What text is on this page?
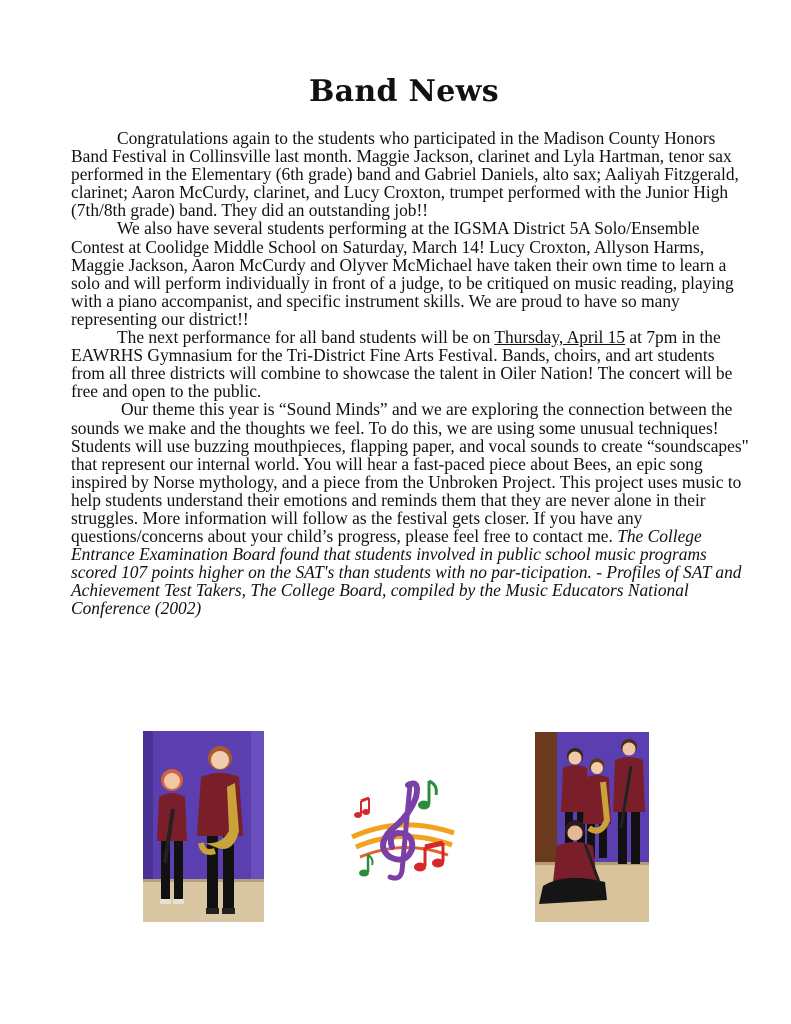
Band News

Congratulations again to the students who participated in the Madison County Honors Band Festival in Collinsville last month. Maggie Jackson, clarinet and Lyla Hartman, tenor sax performed in the Elementary (6th grade) band and Gabriel Daniels, alto sax; Aaliyah Fitzgerald, clarinet; Aaron McCurdy, clarinet, and Lucy Croxton, trumpet performed with the Junior High (7th/8th grade) band. They did an outstanding job!!

We also have several students performing at the IGSMA District 5A Solo/Ensemble Contest at Coolidge Middle School on Saturday, March 14! Lucy Croxton, Allyson Harms, Maggie Jackson, Aaron McCurdy and Olyver McMichael have taken their own time to learn a solo and will perform individually in front of a judge, to be critiqued on music reading, playing with a piano accompanist, and specific instrument skills. We are proud to have so many representing our district!!

The next performance for all band students will be on Thursday, April 15 at 7pm in the EAWRHS Gymnasium for the Tri-District Fine Arts Festival. Bands, choirs, and art students from all three districts will combine to showcase the talent in Oiler Nation! The concert will be free and open to the public.

Our theme this year is “Sound Minds” and we are exploring the connection between the sounds we make and the thoughts we feel. To do this, we are using some unusual techniques! Students will use buzzing mouthpieces, flapping paper, and vocal sounds to create “soundscapes" that represent our internal world. You will hear a fast-paced piece about Bees, an epic song inspired by Norse mythology, and a piece from the Unbroken Project. This project uses music to help students understand their emotions and reminds them that they are never alone in their struggles. More information will follow as the festival gets closer. If you have any questions/concerns about your child’s progress, please feel free to contact me. The College Entrance Examination Board found that students involved in public school music programs scored 107 points higher on the SAT's than students with no par-ticipation. - Profiles of SAT and Achievement Test Takers, The College Board, compiled by the Music Educators National Conference (2002)
